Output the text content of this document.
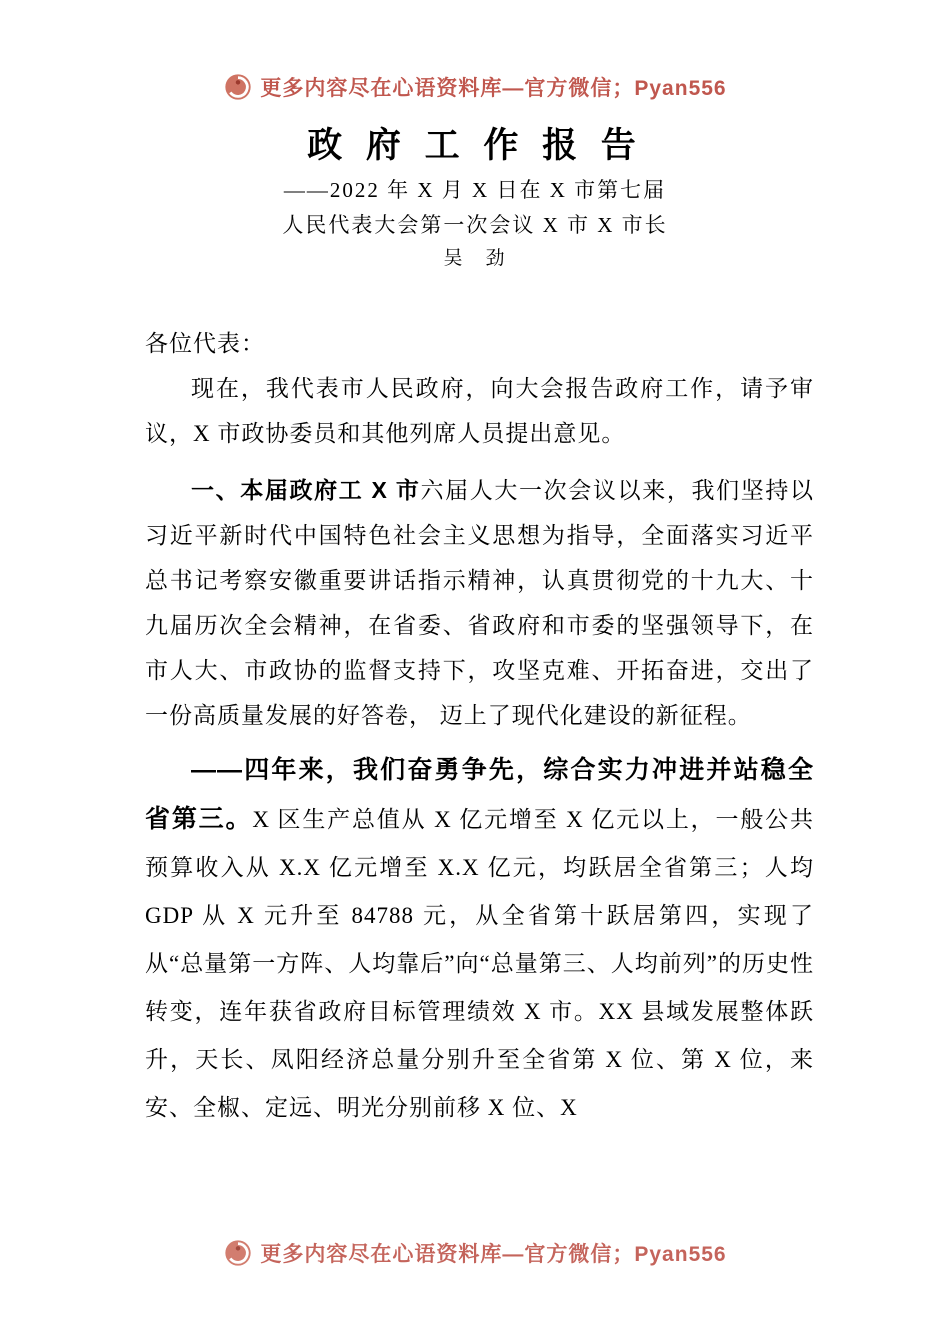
更多内容尽在心语资料库—官方微信；Pyan556
政 府 工 作 报 告
——2022 年 X 月 X 日在 X 市第七届
人民代表大会第一次会议 X 市 X 市长
吴　劲

各位代表：

现在，我代表市人民政府，向大会报告政府工作，请予审议，X 市政协委员和其他列席人员提出意见。

一、本届政府工 X 市六届人大一次会议以来，我们坚持以习近平新时代中国特色社会主义思想为指导，全面落实习近平总书记考察安徽重要讲话指示精神，认真贯彻党的十九大、十九届历次全会精神，在省委、省政府和市委的坚强领导下，在市人大、市政协的监督支持下，攻坚克难、开拓奋进，交出了一份高质量发展的好答卷， 迈上了现代化建设的新征程。

——四年来，我们奋勇争先，综合实力冲进并站稳全省第三。X 区生产总值从 X 亿元增至 X 亿元以上，一般公共预算收入从 X.X 亿元增至 X.X 亿元，均跃居全省第三；人均 GDP 从 X 元升至 84788 元，从全省第十跃居第四，实现了从“总量第一方阵、人均靠后”向“总量第三、人均前列”的历史性转变，连年获省政府目标管理绩效 X 市。XX 县域发展整体跃升，天长、凤阳经济总量分别升至全省第 X 位、第 X 位，来安、全椒、定远、明光分别前移 X 位、X

更多内容尽在心语资料库—官方微信；Pyan556
